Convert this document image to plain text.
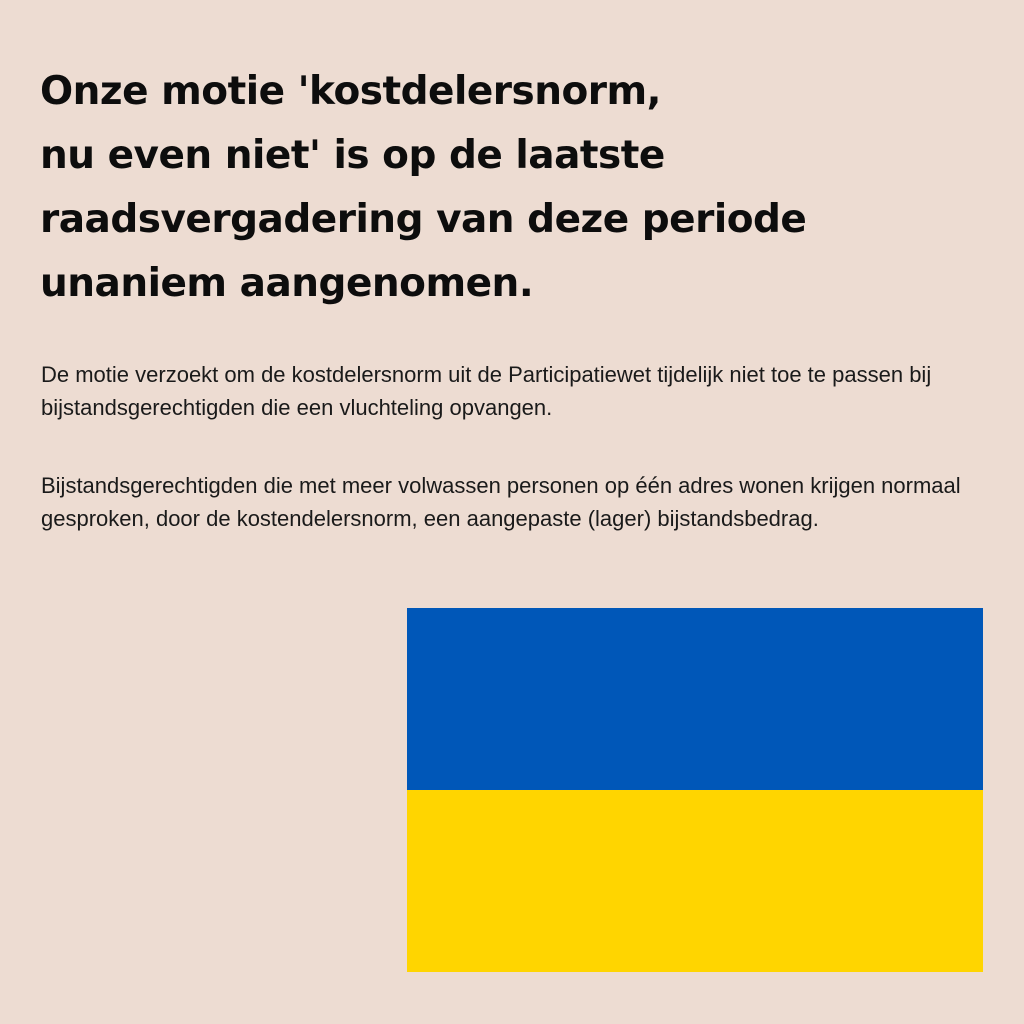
Onze motie 'kostdelersnorm,
nu even niet' is op de laatste
raadsvergadering van deze periode
unaniem aangenomen.

De motie verzoekt om de kostdelersnorm uit de Participatiewet tijdelijk niet toe te passen bij bijstandsgerechtigden die een vluchteling opvangen.

Bijstandsgerechtigden die met meer volwassen personen op één adres wonen krijgen normaal gesproken, door de kostendelersnorm, een aangepaste (lager) bijstandsbedrag.
